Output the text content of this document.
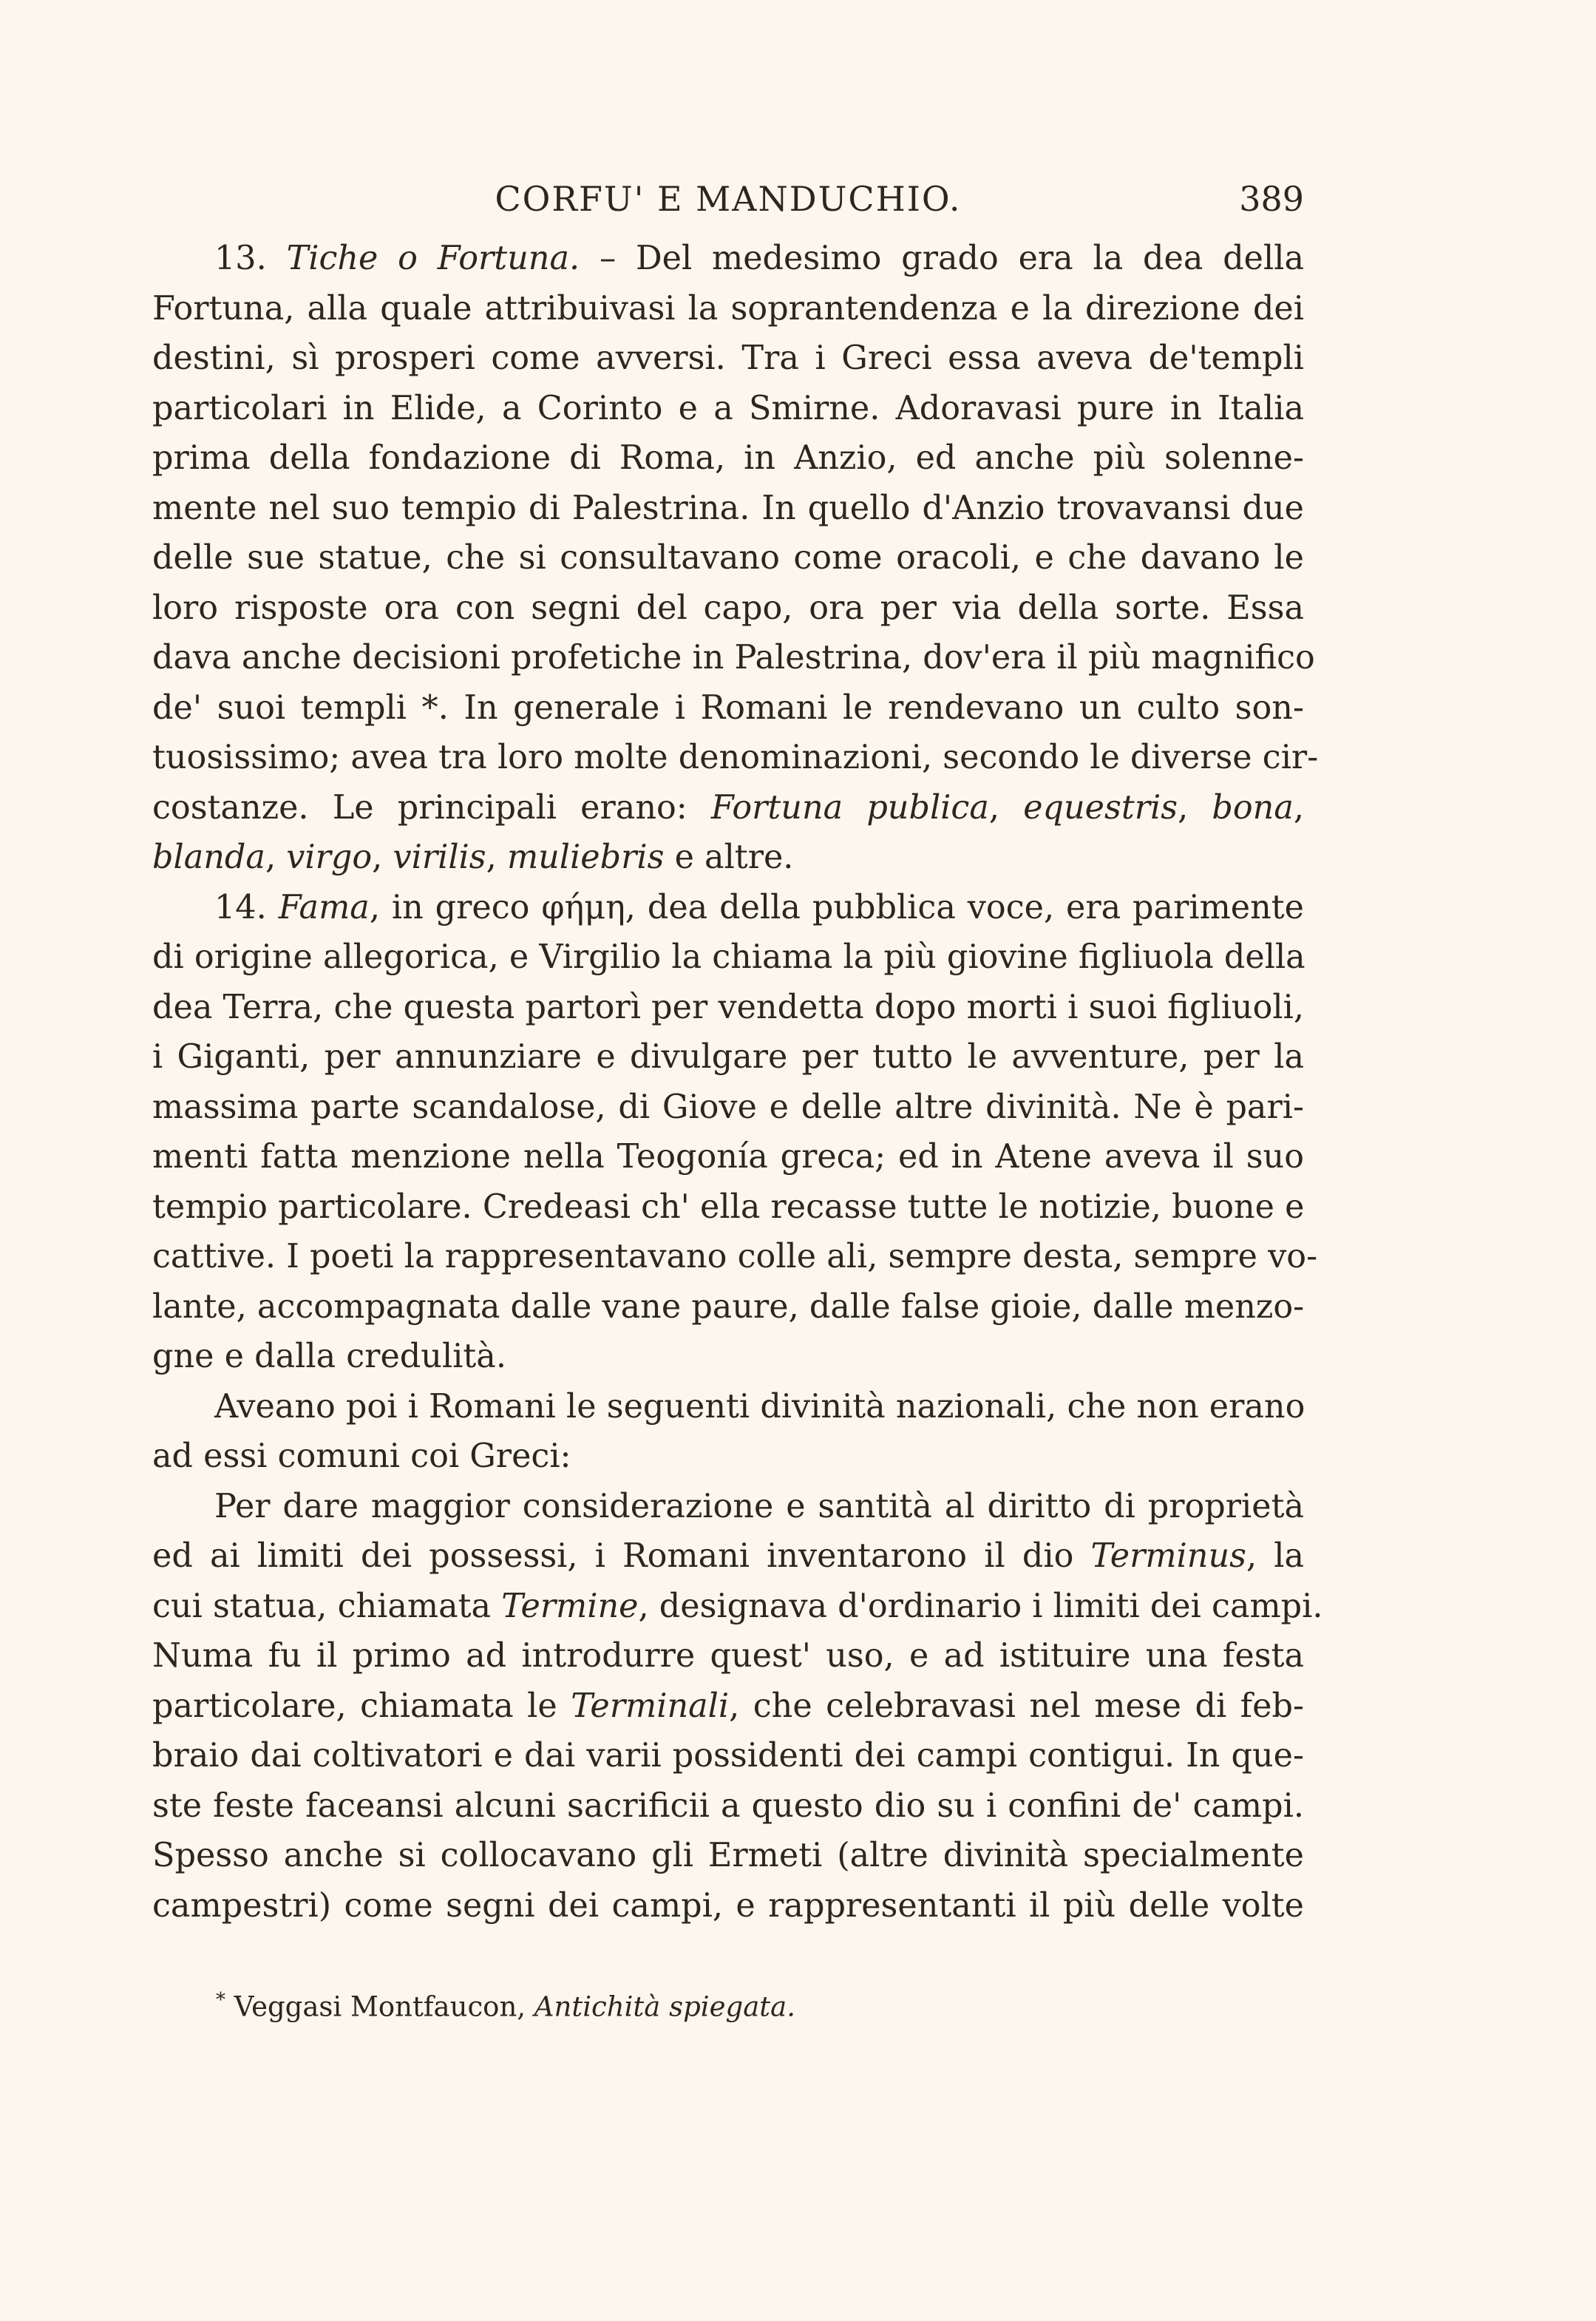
CORFU' E MANDUCHIO.	389
13. Tiche o Fortuna. – Del medesimo grado era la dea della
Fortuna, alla quale attribuivasi la soprantendenza e la direzione dei
destini, sì prosperi come avversi. Tra i Greci essa aveva de'templi
particolari in Elide, a Corinto e a Smirne. Adoravasi pure in Italia
prima della fondazione di Roma, in Anzio, ed anche più solenne-
mente nel suo tempio di Palestrina. In quello d'Anzio trovavansi due
delle sue statue, che si consultavano come oracoli, e che davano le
loro risposte ora con segni del capo, ora per via della sorte. Essa
dava anche decisioni profetiche in Palestrina, dov'era il più magnifico
de' suoi templi *. In generale i Romani le rendevano un culto son-
tuosissimo; avea tra loro molte denominazioni, secondo le diverse cir-
costanze. Le principali erano: Fortuna publica, equestris, bona,
blanda, virgo, virilis, muliebris e altre.
14. Fama, in greco φήμη, dea della pubblica voce, era parimente
di origine allegorica, e Virgilio la chiama la più giovine figliuola della
dea Terra, che questa partorì per vendetta dopo morti i suoi figliuoli,
i Giganti, per annunziare e divulgare per tutto le avventure, per la
massima parte scandalose, di Giove e delle altre divinità. Ne è pari-
menti fatta menzione nella Teogonía greca; ed in Atene aveva il suo
tempio particolare. Credeasi ch' ella recasse tutte le notizie, buone e
cattive. I poeti la rappresentavano colle ali, sempre desta, sempre vo-
lante, accompagnata dalle vane paure, dalle false gioie, dalle menzo-
gne e dalla credulità.
Aveano poi i Romani le seguenti divinità nazionali, che non erano
ad essi comuni coi Greci:
Per dare maggior considerazione e santità al diritto di proprietà
ed ai limiti dei possessi, i Romani inventarono il dio Terminus, la
cui statua, chiamata Termine, designava d'ordinario i limiti dei campi.
Numa fu il primo ad introdurre quest' uso, e ad istituire una festa
particolare, chiamata le Terminali, che celebravasi nel mese di feb-
braio dai coltivatori e dai varii possidenti dei campi contigui. In que-
ste feste faceansi alcuni sacrificii a questo dio su i confini de' campi.
Spesso anche si collocavano gli Ermeti (altre divinità specialmente
campestri) come segni dei campi, e rappresentanti il più delle volte
* Veggasi Montfaucon, Antichità spiegata.
